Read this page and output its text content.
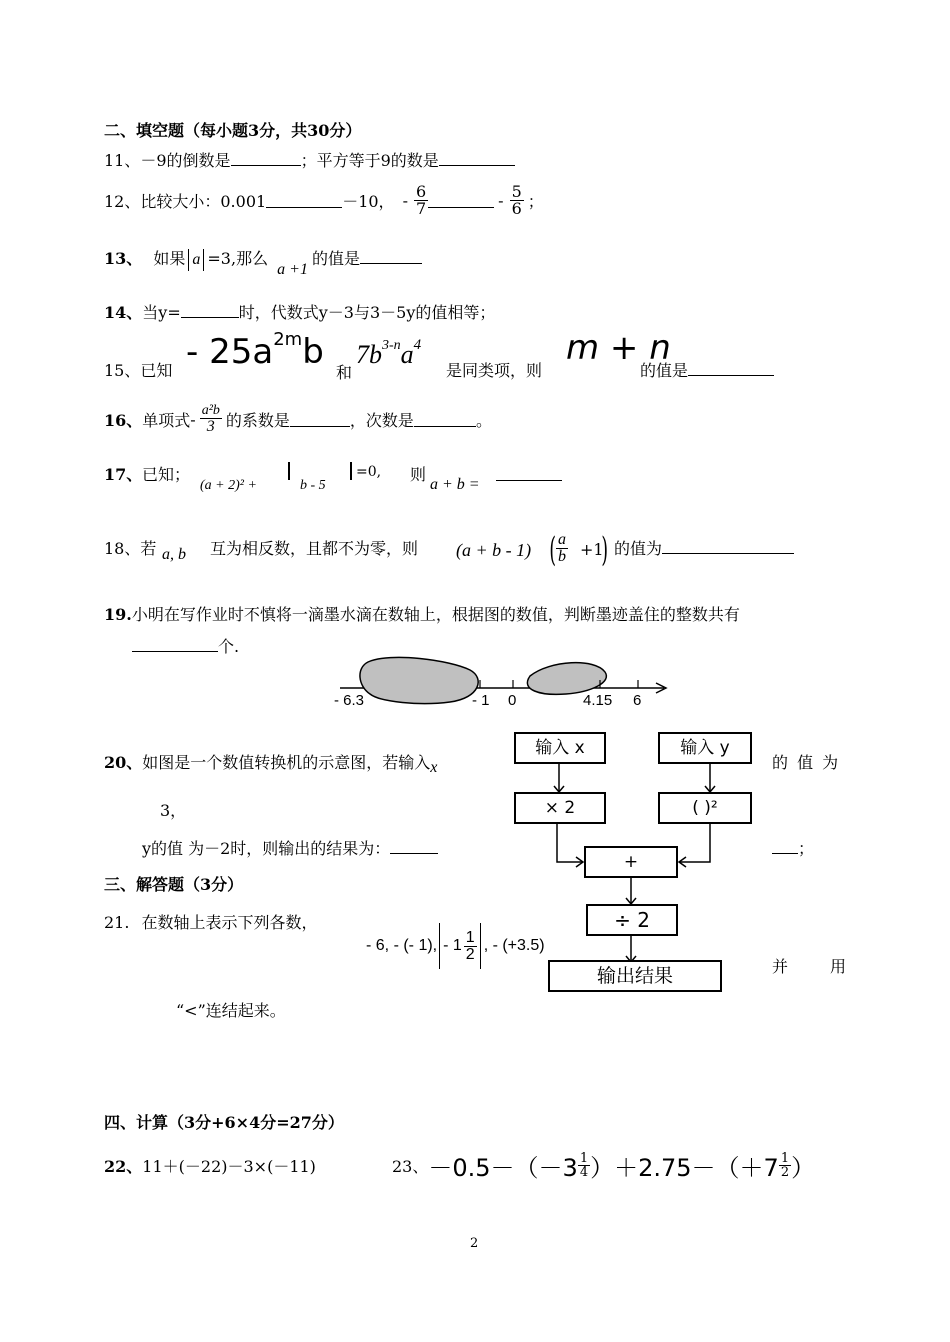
二、填空题（每小题3分，共30分）
11、－9的倒数是	；平方等于9的数是
12、 比较大小：0.001	－10， - $\frac{6}{7}$	- $\frac{5}{6}$ ；
13、 如果 a =3,那么 a +1的值是
14、当y=	时，代数式y－3与3－5y的值相等；
15、已知 - $25a^{2m}b$
和
$7b^{3-n}a^4$
是同类项，则
m + n
的值是
16、 单项式 - $\frac{\text{a²b}}{3}$ 的系数是	，次数是	。
17、 已知；
(a + 2)² +	b - 5
=0, 则
a + b =
18、若 a, b 互为相反数，且都不为零，则 (a + b - 1) ( $\frac{a}{b} +1$
) 的值为
19.小明在写作业时不慎将一滴墨水滴在数轴上，根据图的数值，判断墨迹盖住的整数共有
个.
- 6.3	- 1 0	4.15 6
20、如图是一个数值转换机的示意图，若输入x	的 值 为
3，
y的值 为－2时，则输出的结果为：	；
输入 x	输入 y
× 2	( )²
+
÷ 2
输出结果
三、解答题（3分）
21. 在数轴上表示下列各数，
- 6, - (- 1), - $1 \frac{1}{2}$ , - (+3.5)
并	用
“<”连结起来。
四、计算（3分+6×4分=27分）
22、11＋(－22)－3×(－11)	23、 $-0.5-(-3 \frac{1}{4} )+2.75-(+7 \frac{1}{2}$ ）
2
